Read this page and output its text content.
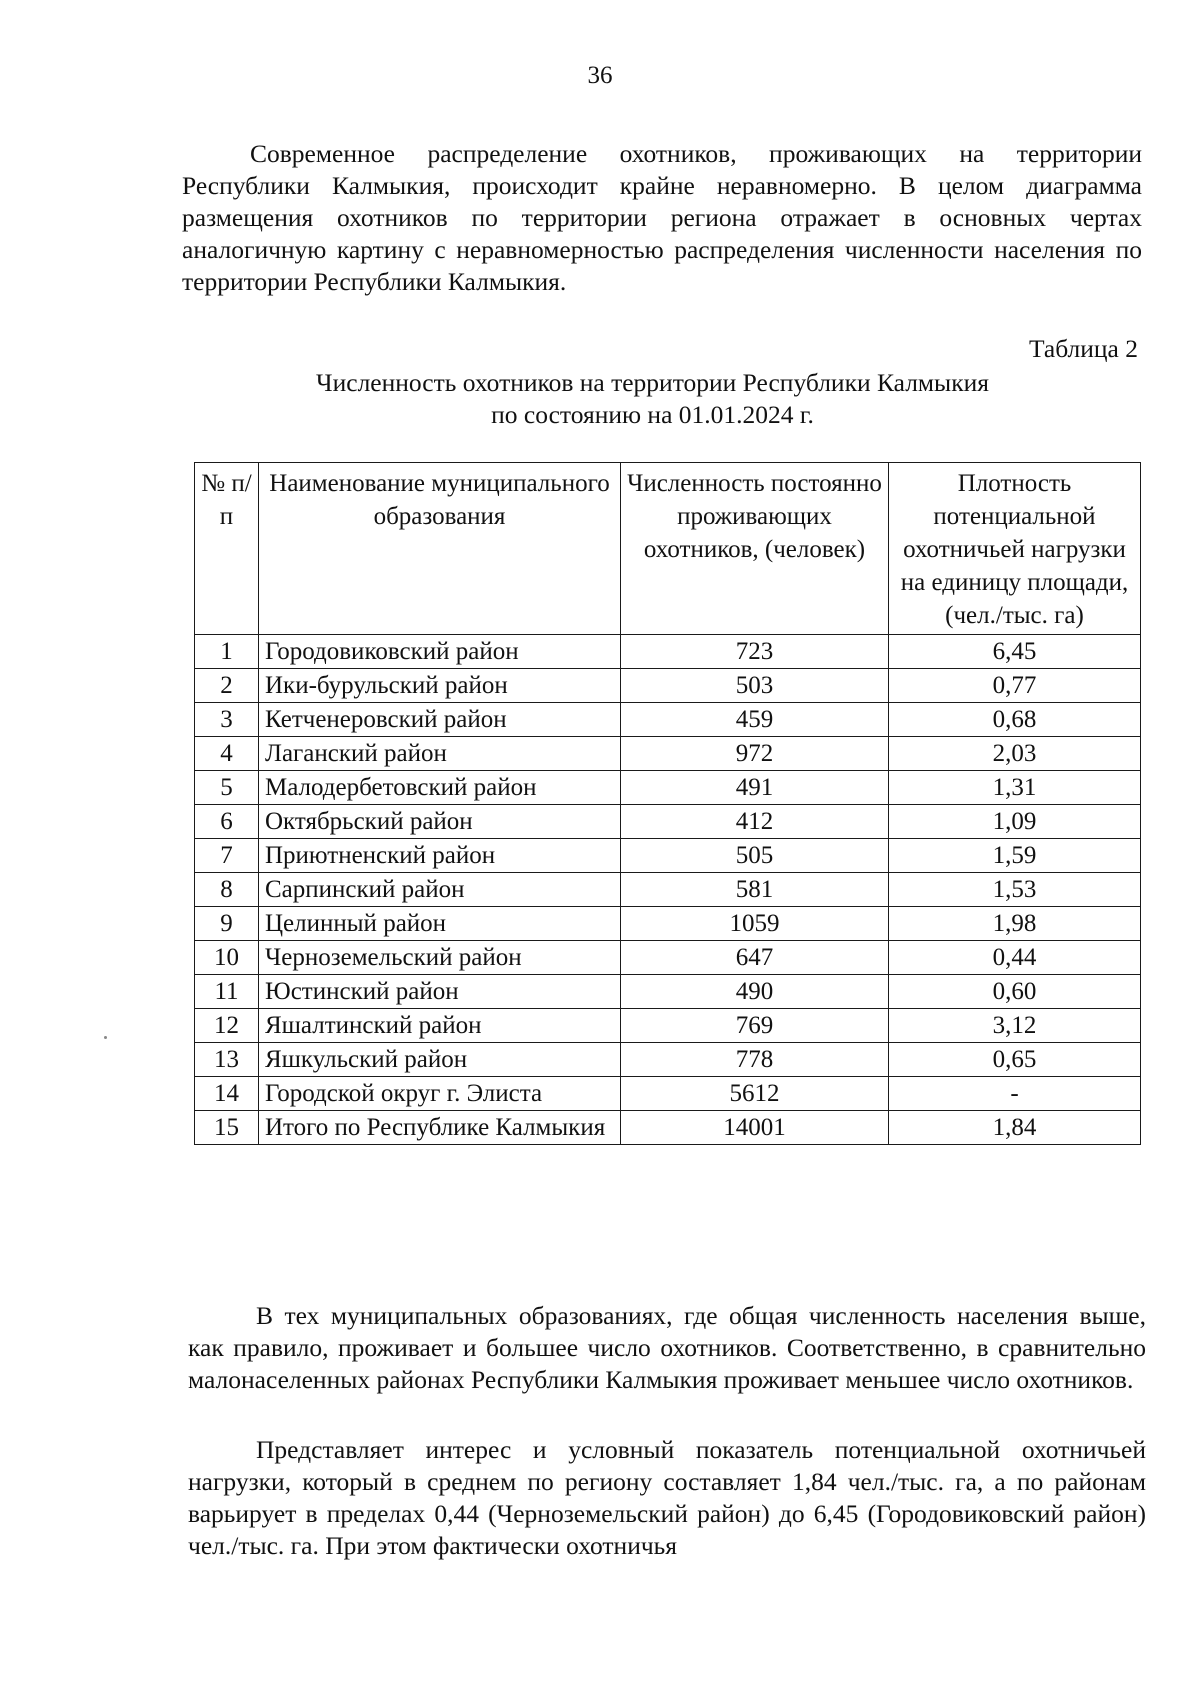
36

Современное распределение охотников, проживающих на территории Республики Калмыкия, происходит крайне неравномерно. В целом диаграмма размещения охотников по территории региона отражает в основных чертах аналогичную картину с неравномерностью распределения численности населения по территории Республики Калмыкия.

Таблица 2
Численность охотников на территории Республики Калмыкия
по состоянию на 01.01.2024 г.
№ п/п	Наименование муниципального образования	Численность постоянно проживающих охотников, (человек)	Плотность потенциальной охотничьей нагрузки на единицу площади, (чел./тыс. га)
1	Городовиковский район	723	6,45
2	Ики-бурульский район	503	0,77
3	Кетченеровский район	459	0,68
4	Лаганский район	972	2,03
5	Малодербетовский район	491	1,31
6	Октябрьский район	412	1,09
7	Приютненский район	505	1,59
8	Сарпинский район	581	1,53
9	Целинный район	1059	1,98
10	Черноземельский район	647	0,44
11	Юстинский район	490	0,60
12	Яшалтинский район	769	3,12
13	Яшкульский район	778	0,65
14	Городской округ г. Элиста	5612	-
15	Итого по Республике Калмыкия	14001	1,84

В тех муниципальных образованиях, где общая численность населения выше, как правило, проживает и большее число охотников. Соответственно, в сравнительно малонаселенных районах Республики Калмыкия проживает меньшее число охотников.

Представляет интерес и условный показатель потенциальной охотничьей нагрузки, который в среднем по региону составляет 1,84 чел./тыс. га, а по районам варьирует в пределах 0,44 (Черноземельский район) до 6,45 (Городовиковский район) чел./тыс. га. При этом фактически охотничья
